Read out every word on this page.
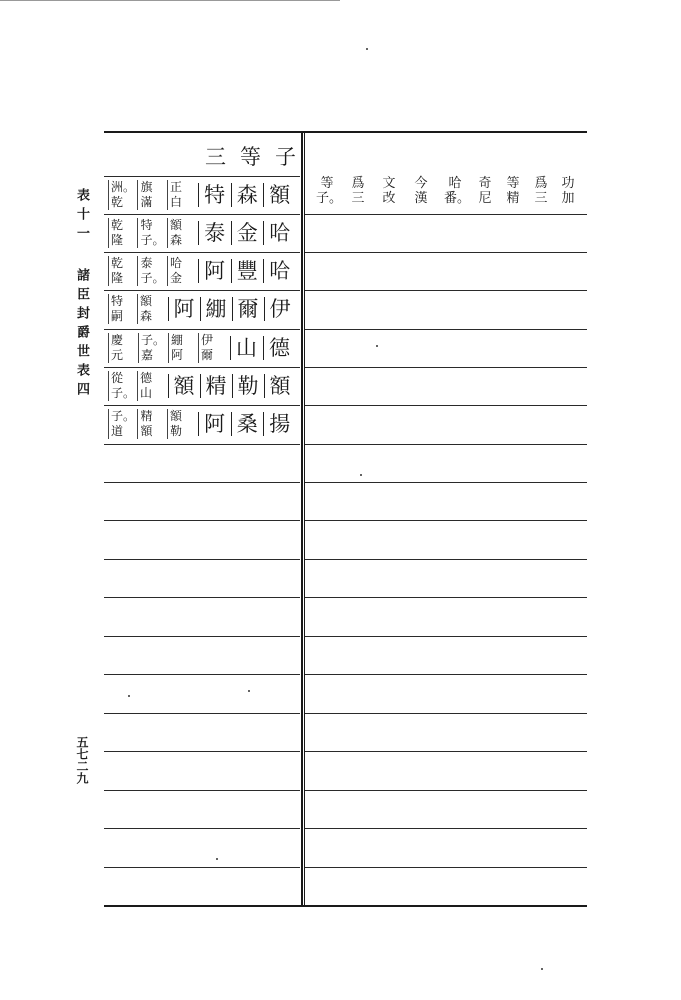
表十一
諸臣封爵世表四
五七二九
三等子
額
森
特
正
白
旗
滿
洲。
乾
哈
金
泰
額
森
特
子。
乾
隆
哈
豐
阿
哈
金
泰
子。
乾
隆
伊
爾
綳
阿
額
森
特
嗣
德
山
伊
爾
綳
阿
子。
嘉
慶
元
額
勒
精
額
德
山
從
子。
揚
桑
阿
額
勒
精
額
子。
道
功
加
爲
三
等
精
奇
尼
哈
番。
今
漢
文
改
爲
三
等
子。
